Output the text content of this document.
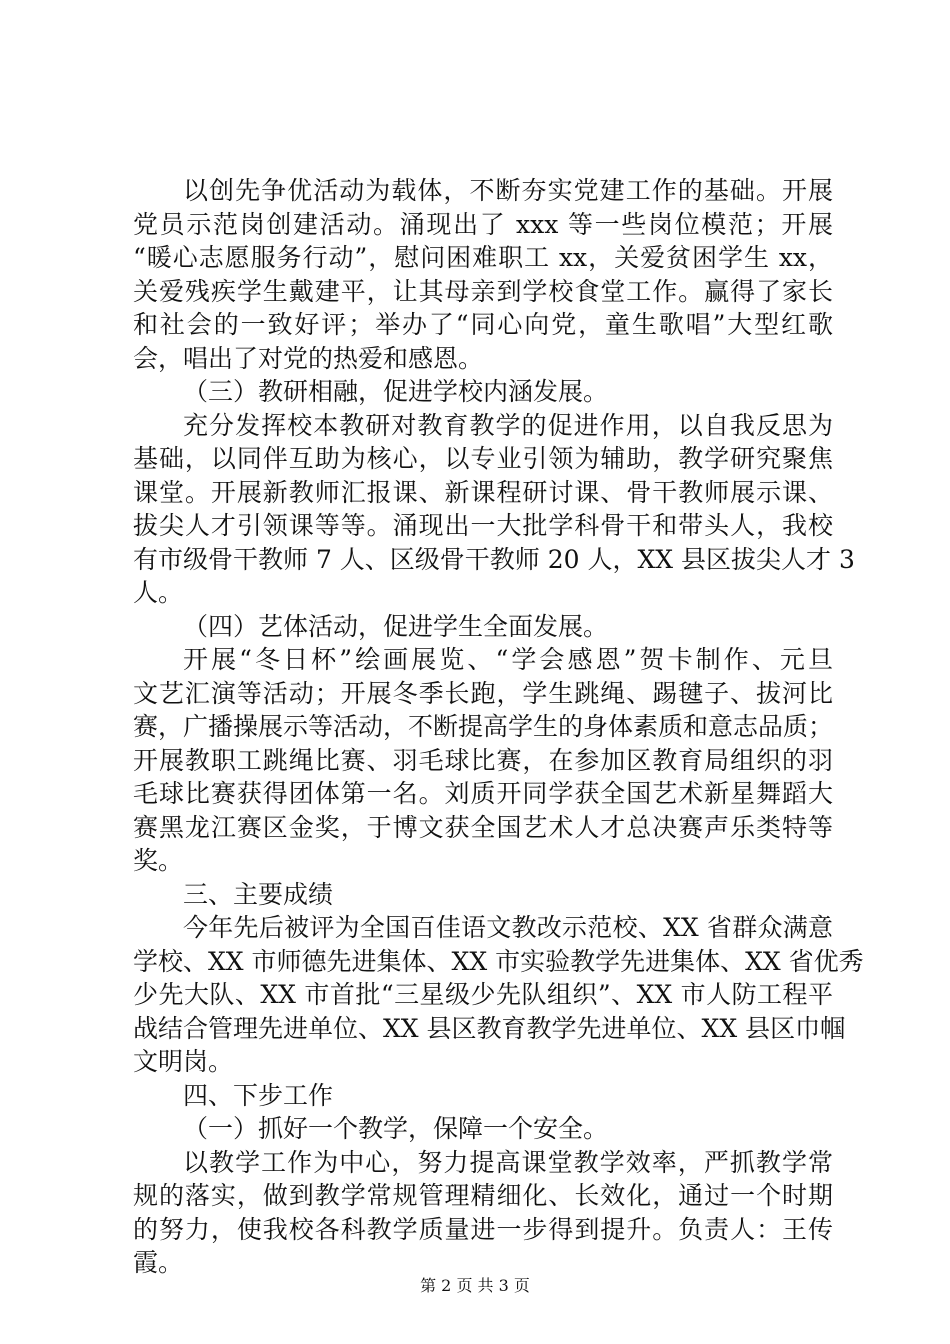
以创先争优活动为载体，不断夯实党建工作的基础。开展
党员示范岗创建活动。涌现出了 xxx 等一些岗位模范；开展
“暖心志愿服务行动”，慰问困难职工 xx，关爱贫困学生 xx，
关爱残疾学生戴建平，让其母亲到学校食堂工作。赢得了家长
和社会的一致好评；举办了“同心向党，童生歌唱”大型红歌
会，唱出了对党的热爱和感恩。
（三）教研相融，促进学校内涵发展。
充分发挥校本教研对教育教学的促进作用，以自我反思为
基础，以同伴互助为核心，以专业引领为辅助，教学研究聚焦
课堂。开展新教师汇报课、新课程研讨课、骨干教师展示课、
拔尖人才引领课等等。涌现出一大批学科骨干和带头人，我校
有市级骨干教师 7 人、区级骨干教师 20 人，XX 县区拔尖人才 3
人。
（四）艺体活动，促进学生全面发展。
开展“冬日杯”绘画展览、“学会感恩”贺卡制作、元旦
文艺汇演等活动；开展冬季长跑，学生跳绳、踢毽子、拔河比
赛，广播操展示等活动，不断提高学生的身体素质和意志品质；
开展教职工跳绳比赛、羽毛球比赛，在参加区教育局组织的羽
毛球比赛获得团体第一名。刘质开同学获全国艺术新星舞蹈大
赛黑龙江赛区金奖，于博文获全国艺术人才总决赛声乐类特等
奖。
三、主要成绩
今年先后被评为全国百佳语文教改示范校、XX 省群众满意
学校、XX 市师德先进集体、XX 市实验教学先进集体、XX 省优秀
少先大队、XX 市首批“三星级少先队组织”、XX 市人防工程平
战结合管理先进单位、XX 县区教育教学先进单位、XX 县区巾帼
文明岗。
四、下步工作
（一）抓好一个教学，保障一个安全。
以教学工作为中心，努力提高课堂教学效率，严抓教学常
规的落实，做到教学常规管理精细化、长效化，通过一个时期
的努力，使我校各科教学质量进一步得到提升。负责人：王传
霞。
第 2 页 共 3 页
